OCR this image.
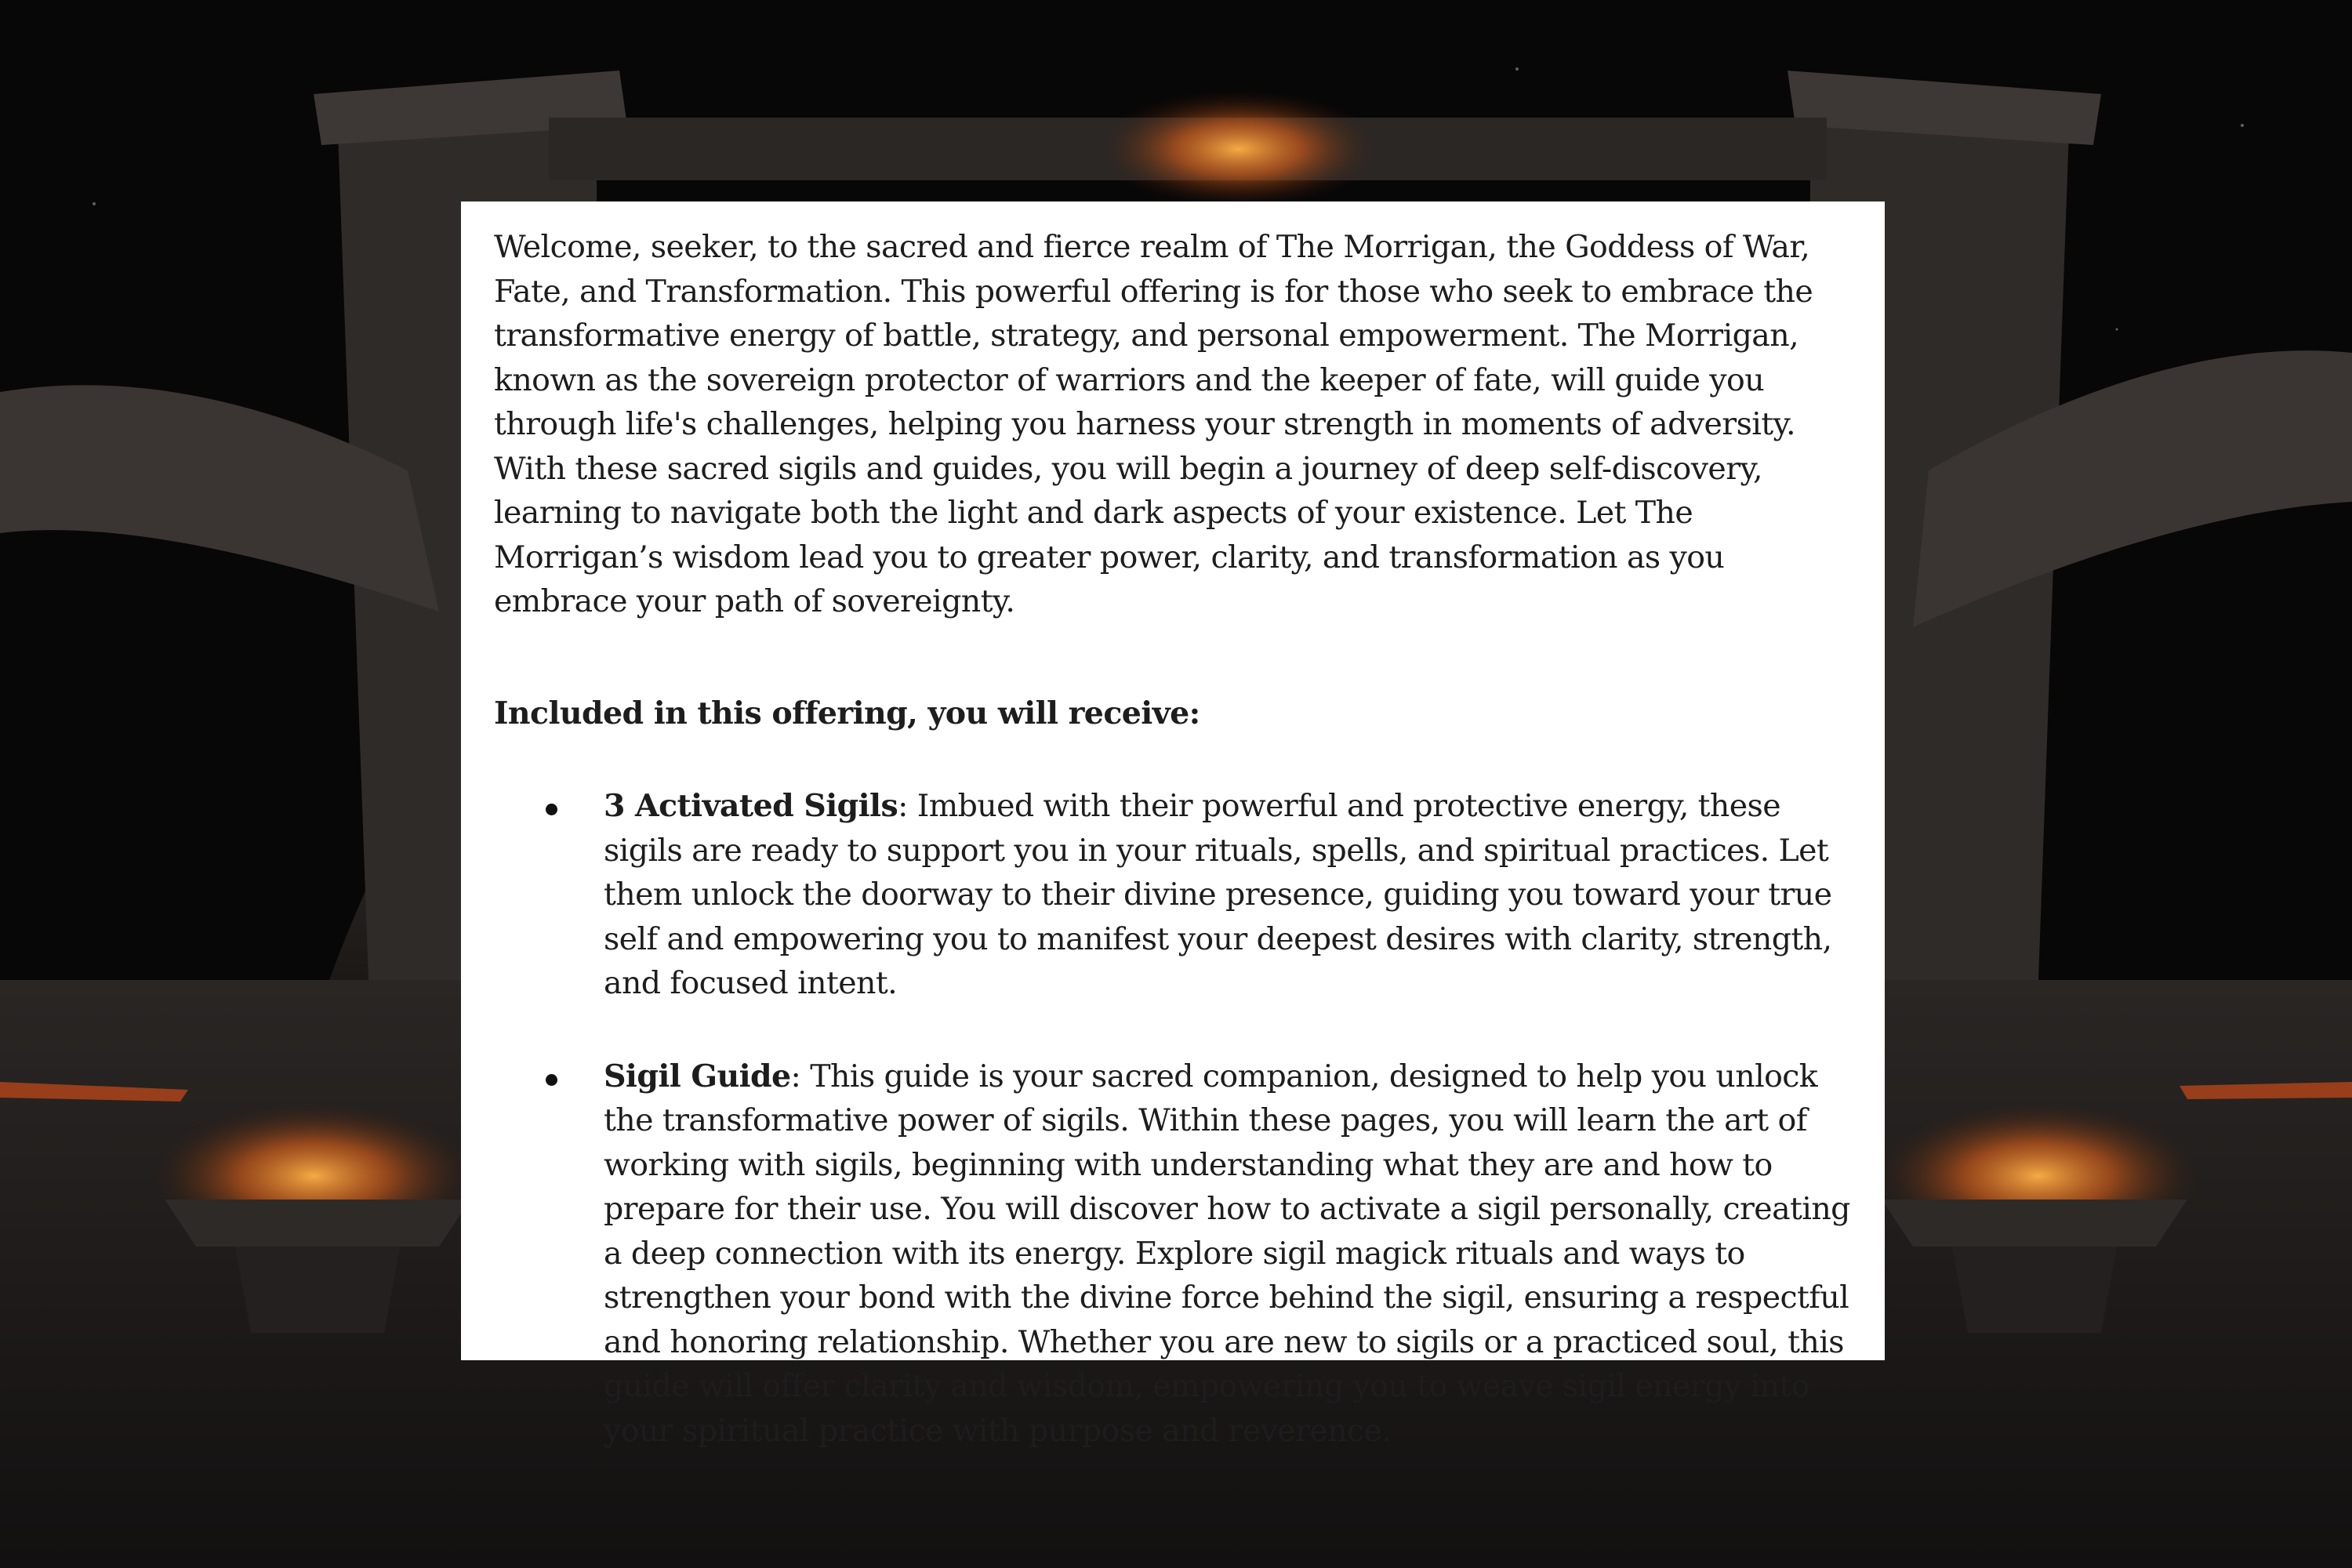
Welcome, seeker, to the sacred and fierce realm of The Morrigan, the Goddess of War, Fate, and Transformation. This powerful offering is for those who seek to embrace the transformative energy of battle, strategy, and personal empowerment. The Morrigan, known as the sovereign protector of warriors and the keeper of fate, will guide you through life's challenges, helping you harness your strength in moments of adversity. With these sacred sigils and guides, you will begin a journey of deep self-discovery, learning to navigate both the light and dark aspects of your existence. Let The Morrigan’s wisdom lead you to greater power, clarity, and transformation as you embrace your path of sovereignty.

Included in this offering, you will receive:

3 Activated Sigils: Imbued with their powerful and protective energy, these sigils are ready to support you in your rituals, spells, and spiritual practices. Let them unlock the doorway to their divine presence, guiding you toward your true self and empowering you to manifest your deepest desires with clarity, strength, and focused intent.
Sigil Guide: This guide is your sacred companion, designed to help you unlock the transformative power of sigils. Within these pages, you will learn the art of working with sigils, beginning with understanding what they are and how to prepare for their use. You will discover how to activate a sigil personally, creating a deep connection with its energy. Explore sigil magick rituals and ways to strengthen your bond with the divine force behind the sigil, ensuring a respectful and honoring relationship. Whether you are new to sigils or a practiced soul, this guide will offer clarity and wisdom, empowering you to weave sigil energy into your spiritual practice with purpose and reverence.
